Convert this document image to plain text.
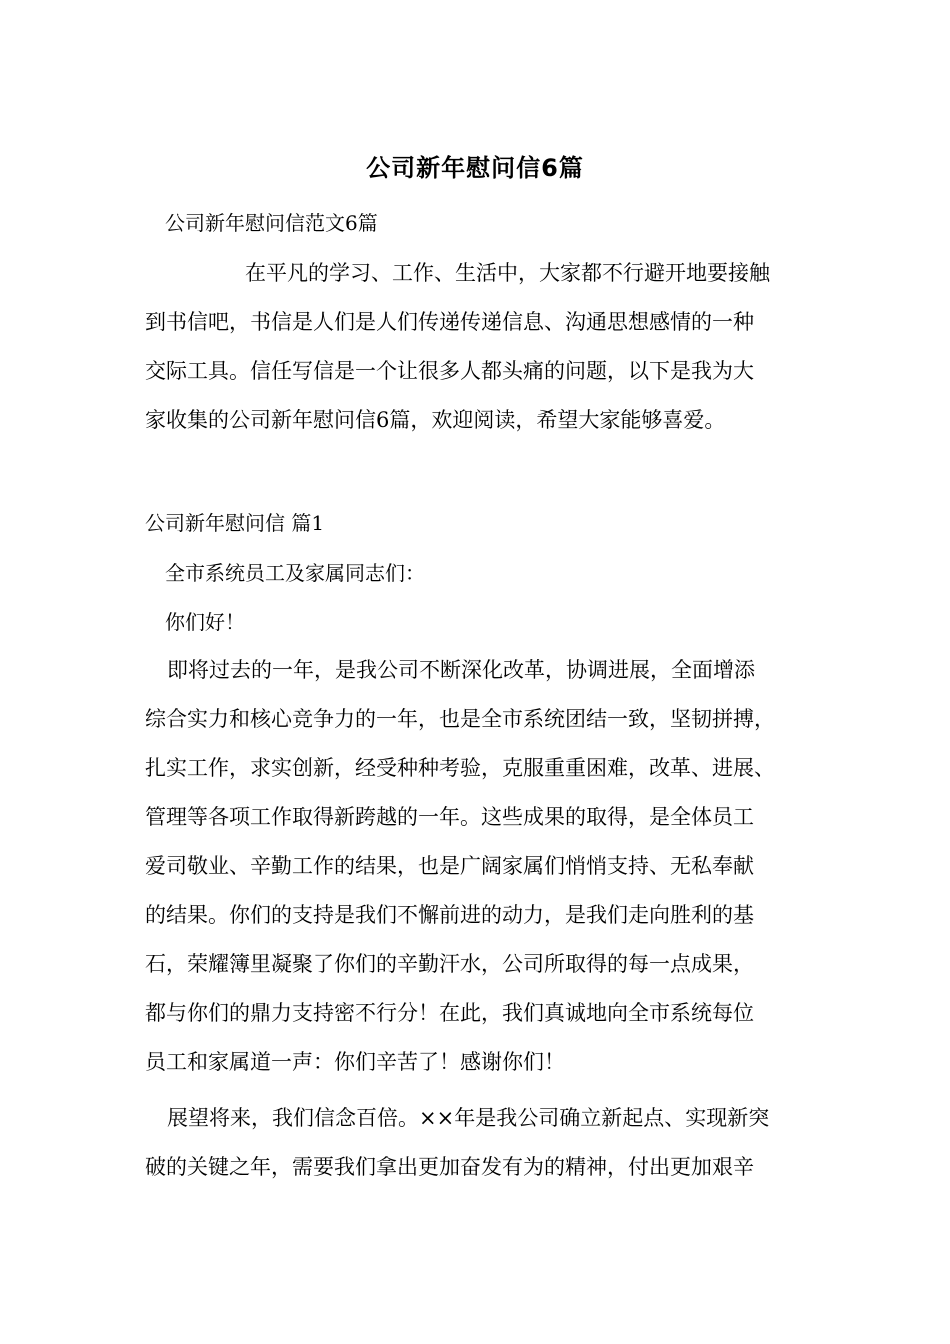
公司新年慰问信6篇
公司新年慰问信范文6篇
在平凡的学习、工作、生活中，大家都不行避开地要接触
到书信吧，书信是人们是人们传递传递信息、沟通思想感情的一种
交际工具。信任写信是一个让很多人都头痛的问题，以下是我为大
家收集的公司新年慰问信6篇，欢迎阅读，希望大家能够喜爱。
公司新年慰问信 篇1
全市系统员工及家属同志们：
你们好！
即将过去的一年，是我公司不断深化改革，协调进展，全面增添
综合实力和核心竞争力的一年，也是全市系统团结一致，坚韧拼搏，
扎实工作，求实创新，经受种种考验，克服重重困难，改革、进展、
管理等各项工作取得新跨越的一年。这些成果的取得，是全体员工
爱司敬业、辛勤工作的结果，也是广阔家属们悄悄支持、无私奉献
的结果。你们的支持是我们不懈前进的动力，是我们走向胜利的基
石，荣耀簿里凝聚了你们的辛勤汗水，公司所取得的每一点成果，
都与你们的鼎力支持密不行分！在此，我们真诚地向全市系统每位
员工和家属道一声：你们辛苦了！感谢你们！
展望将来，我们信念百倍。××年是我公司确立新起点、实现新突
破的关键之年，需要我们拿出更加奋发有为的精神，付出更加艰辛
